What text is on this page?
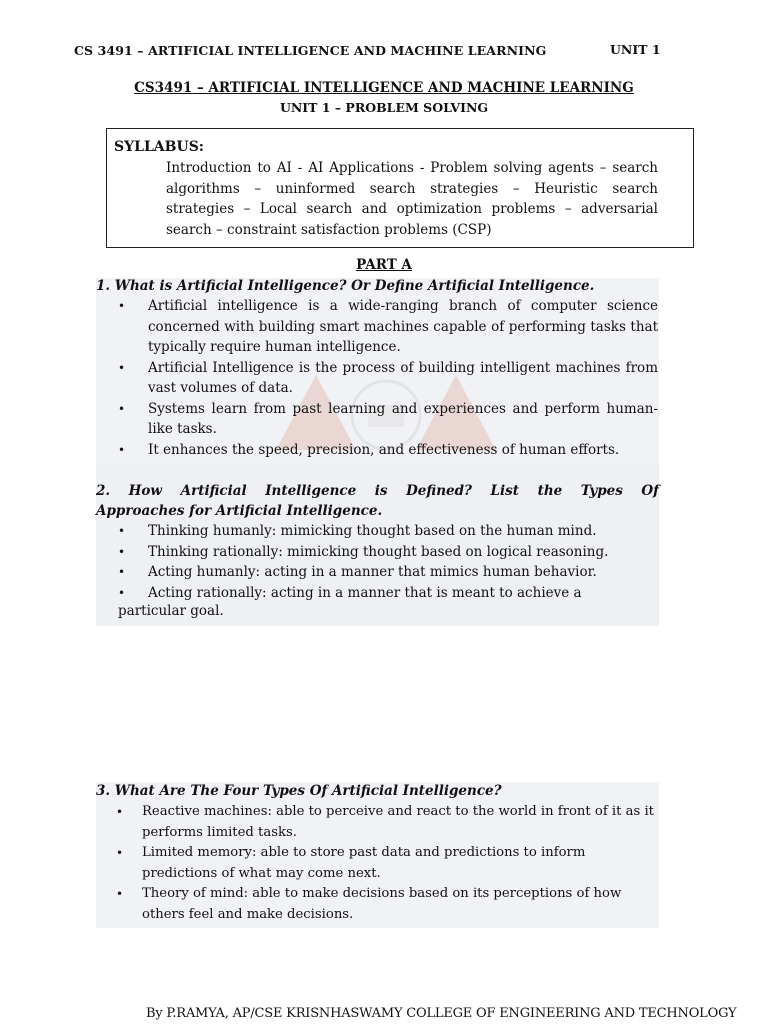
CS 3491 – ARTIFICIAL INTELLIGENCE AND MACHINE LEARNING	UNIT 1
CS3491 – ARTIFICIAL INTELLIGENCE AND MACHINE LEARNING
UNIT 1 – PROBLEM SOLVING
SYLLABUS:
Introduction to AI - AI Applications - Problem solving agents – search algorithms – uninformed search strategies – Heuristic search strategies – Local search and optimization problems – adversarial search – constraint satisfaction problems (CSP)
PART A
1. What is Artificial Intelligence? Or Define Artificial Intelligence.
• Artificial intelligence is a wide-ranging branch of computer science concerned with building smart machines capable of performing tasks that typically require human intelligence.
• Artificial Intelligence is the process of building intelligent machines from vast volumes of data.
• Systems learn from past learning and experiences and perform human-like tasks.
• It enhances the speed, precision, and effectiveness of human efforts.
2. How Artificial Intelligence is Defined? List the Types Of
Approaches for Artificial Intelligence.
• Thinking humanly: mimicking thought based on the human mind.
• Thinking rationally: mimicking thought based on logical reasoning.
• Acting humanly: acting in a manner that mimics human behavior.
• Acting rationally: acting in a manner that is meant to achieve a
particular goal.
3. What Are The Four Types Of Artificial Intelligence?
• Reactive machines: able to perceive and react to the world in front of it as it performs limited tasks.
• Limited memory: able to store past data and predictions to inform predictions of what may come next.
• Theory of mind: able to make decisions based on its perceptions of how others feel and make decisions.
By P.RAMYA, AP/CSE KRISNHASWAMY COLLEGE OF ENGINEERING AND TECHNOLOGY
